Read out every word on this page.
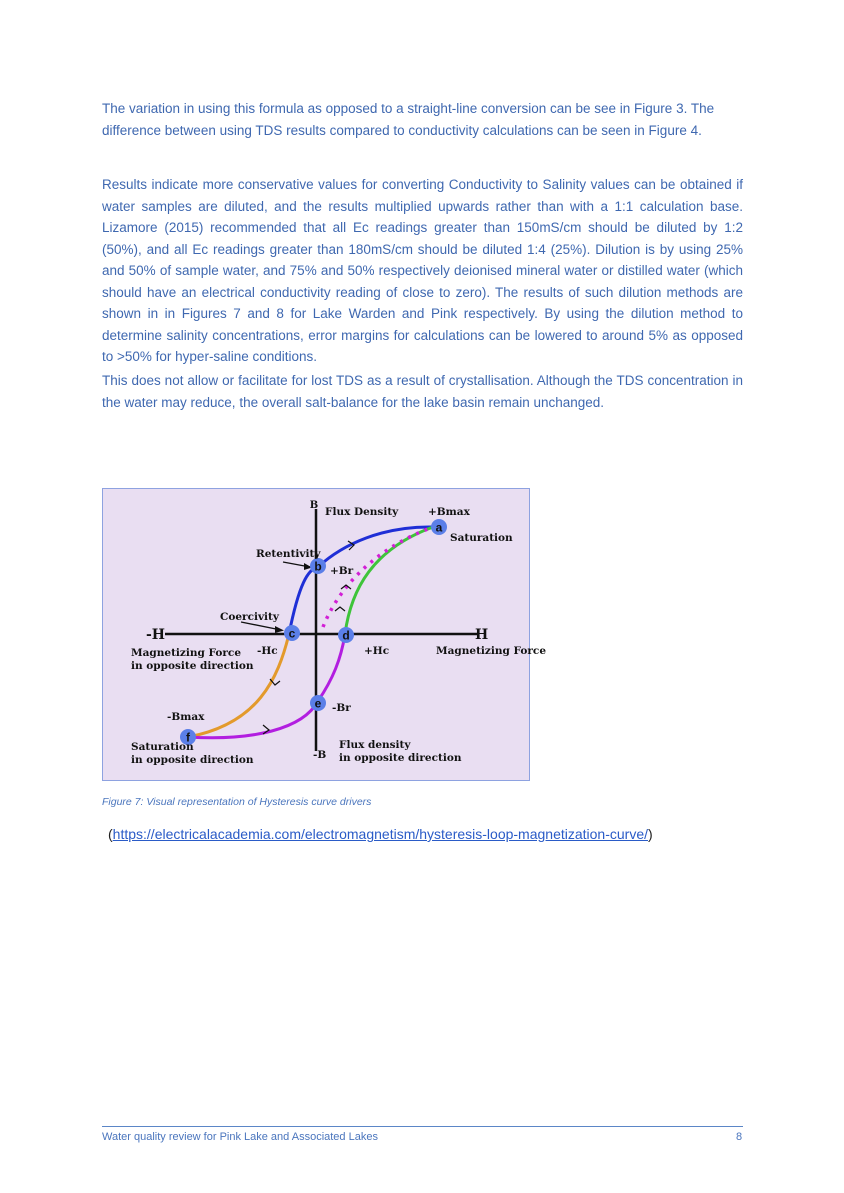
The variation in using this formula as opposed to a straight-line conversion can be see in Figure 3. The difference between using TDS results compared to conductivity calculations can be seen in Figure 4.

Results indicate more conservative values for converting Conductivity to Salinity values can be obtained if water samples are diluted, and the results multiplied upwards rather than with a 1:1 calculation base. Lizamore (2015) recommended that all Ec readings greater than 150mS/cm should be diluted by 1:2 (50%), and all Ec readings greater than 180mS/cm should be diluted 1:4 (25%). Dilution is by using 25% and 50% of sample water, and 75% and 50% respectively deionised mineral water or distilled water (which should have an electrical conductivity reading of close to zero). The results of such dilution methods are shown in in Figures 7 and 8 for Lake Warden and Pink respectively. By using the dilution method to determine salinity concentrations, error margins for calculations can be lowered to around 5% as opposed to >50% for hyper-saline conditions.

This does not allow or facilitate for lost TDS as a result of crystallisation. Although the TDS concentration in the water may reduce, the overall salt-balance for the lake basin remain unchanged.

a
b
c	d
e
f
B
Flux Density	+Bmax
Saturation
Retentivity
+Br
Coercivity
-H	H
-Hc	+Hc
Magnetizing Force
in opposite direction
Magnetizing Force
-Br
-Bmax
Saturation
in opposite direction	-B
Flux density
in opposite direction
Figure 7: Visual representation of Hysteresis curve drivers
(https://electricalacademia.com/electromagnetism/hysteresis-loop-magnetization-curve/)
Water quality review for Pink Lake and Associated Lakes	8
